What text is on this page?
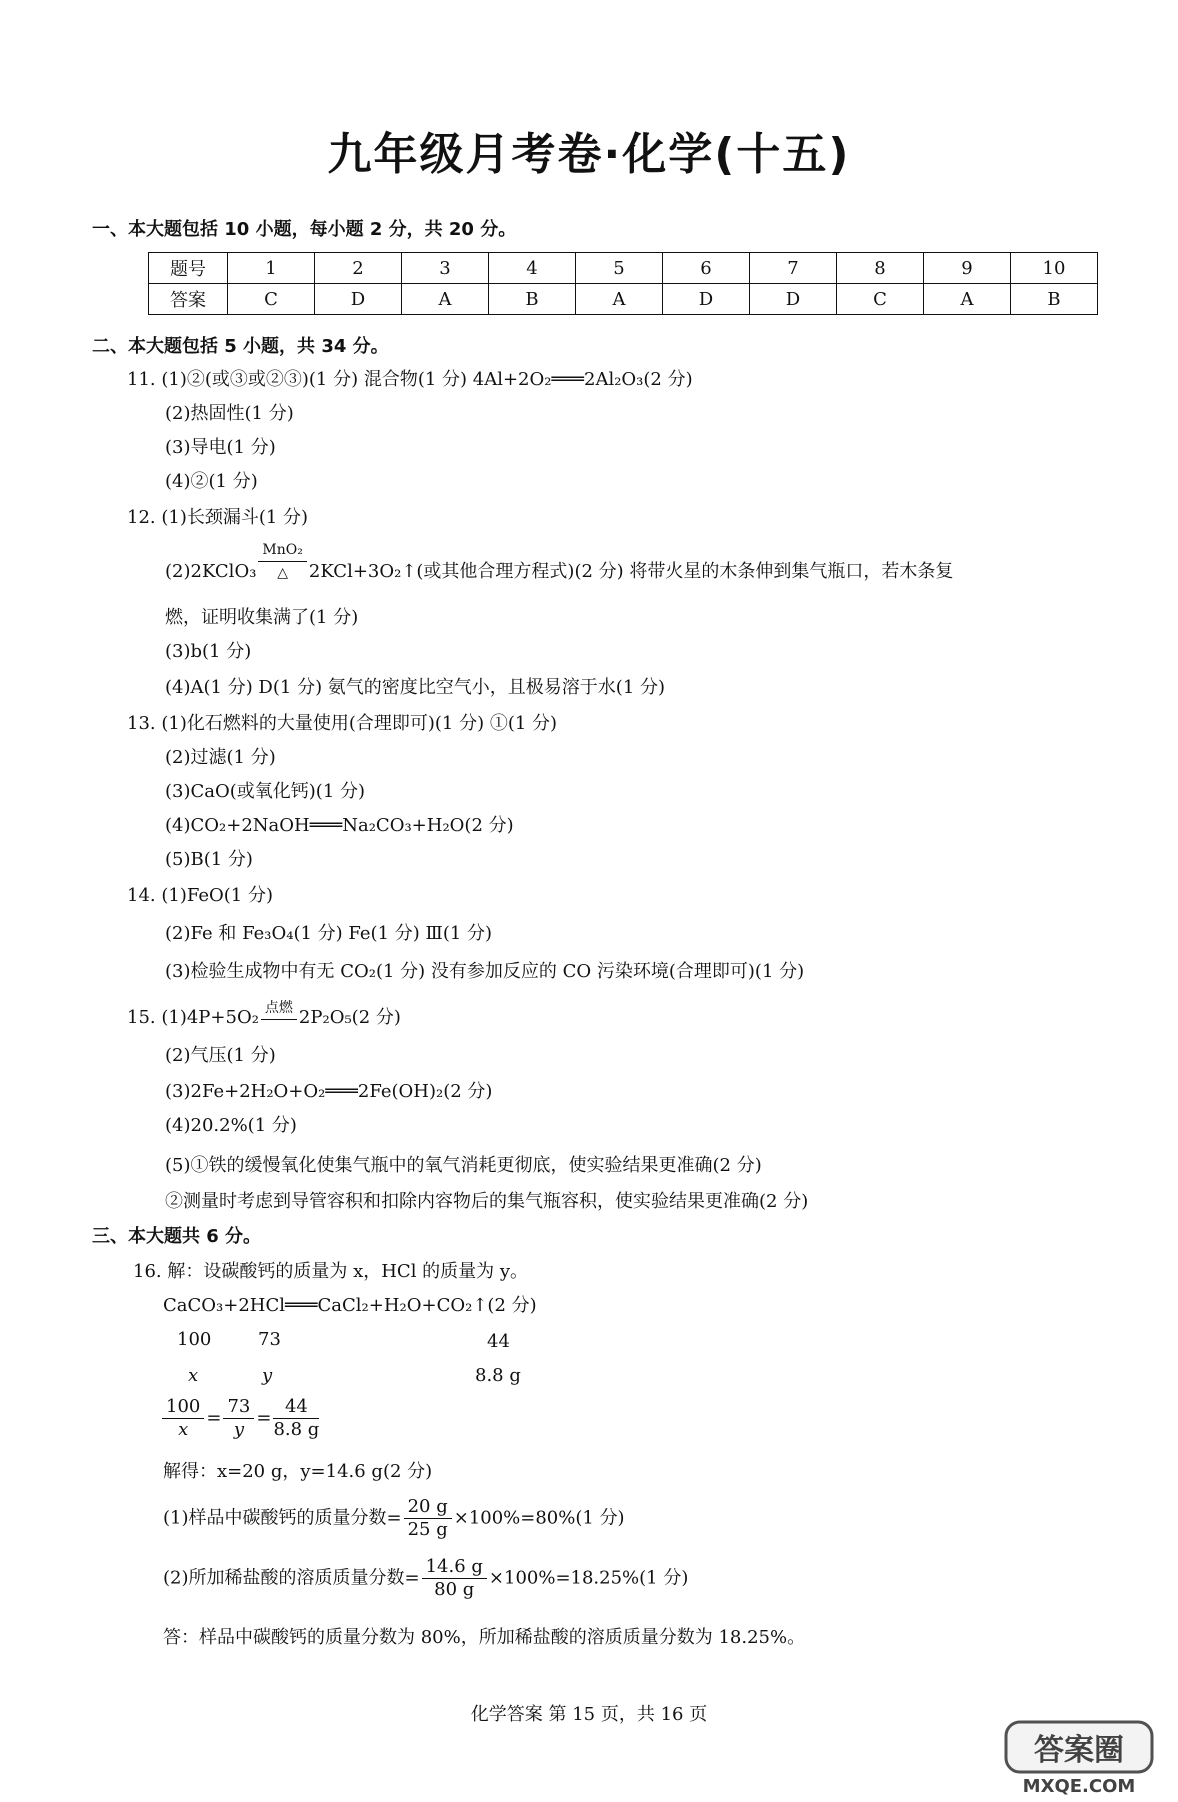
九年级月考卷·化学(十五)
一、本大题包括 10 小题，每小题 2 分，共 20 分。
题号	1	2	3	4	5	6	7	8	9	10
答案	C	D	A	B	A	D	D	C	A	B
二、本大题包括 5 小题，共 34 分。
11. (1)②(或③或②③)(1 分) 混合物(1 分) 4Al+2O₂═══2Al₂O₃(2 分)
(2)热固性(1 分)
(3)导电(1 分)
(4)②(1 分)
12. (1)长颈漏斗(1 分)
(2)2KClO₃ $\frac{\text{MnO₂}}{\triangle}$ 2KCl+3O₂↑(或其他合理方程式)(2 分) 将带火星的木条伸到集气瓶口，若木条复
燃，证明收集满了(1 分)
(3)b(1 分)
(4)A(1 分) D(1 分) 氨气的密度比空气小，且极易溶于水(1 分)
13. (1)化石燃料的大量使用(合理即可)(1 分) ①(1 分)
(2)过滤(1 分)
(3)CaO(或氧化钙)(1 分)
(4)CO₂+2NaOH═══Na₂CO₃+H₂O(2 分)
(5)B(1 分)
14. (1)FeO(1 分)
(2)Fe 和 Fe₃O₄(1 分) Fe(1 分) Ⅲ(1 分)
(3)检验生成物中有无 CO₂(1 分) 没有参加反应的 CO 污染环境(合理即可)(1 分)
15. (1)4P+5O₂ 点燃 2P₂O₅(2 分)
(2)气压(1 分)
(3)2Fe+2H₂O+O₂═══2Fe(OH)₂(2 分)
(4)20.2%(1 分)
(5)①铁的缓慢氧化使集气瓶中的氧气消耗更彻底，使实验结果更准确(2 分)
②测量时考虑到导管容积和扣除内容物后的集气瓶容积，使实验结果更准确(2 分)
三、本大题共 6 分。
16. 解：设碳酸钙的质量为 x，HCl 的质量为 y。
CaCO₃+2HCl═══CaCl₂+H₂O+CO₂↑(2 分)
100	73	44
x	y	8.8 g
$\frac{100}{x} = \frac{73}{y} = \frac{44}{8.8 g}$
解得：x=20 g，y=14.6 g(2 分)
(1)样品中碳酸钙的质量分数= $\frac{20 g}{25 g} \times 100\%=80\%(1$ 分)
(2)所加稀盐酸的溶质质量分数= $\frac{14.6 g}{80 g} \times 100\%=18.25\%(1$ 分)
答：样品中碳酸钙的质量分数为 80%，所加稀盐酸的溶质质量分数为 18.25%。
化学答案 第 15 页，共 16 页
答案圈
MXQE.COM
